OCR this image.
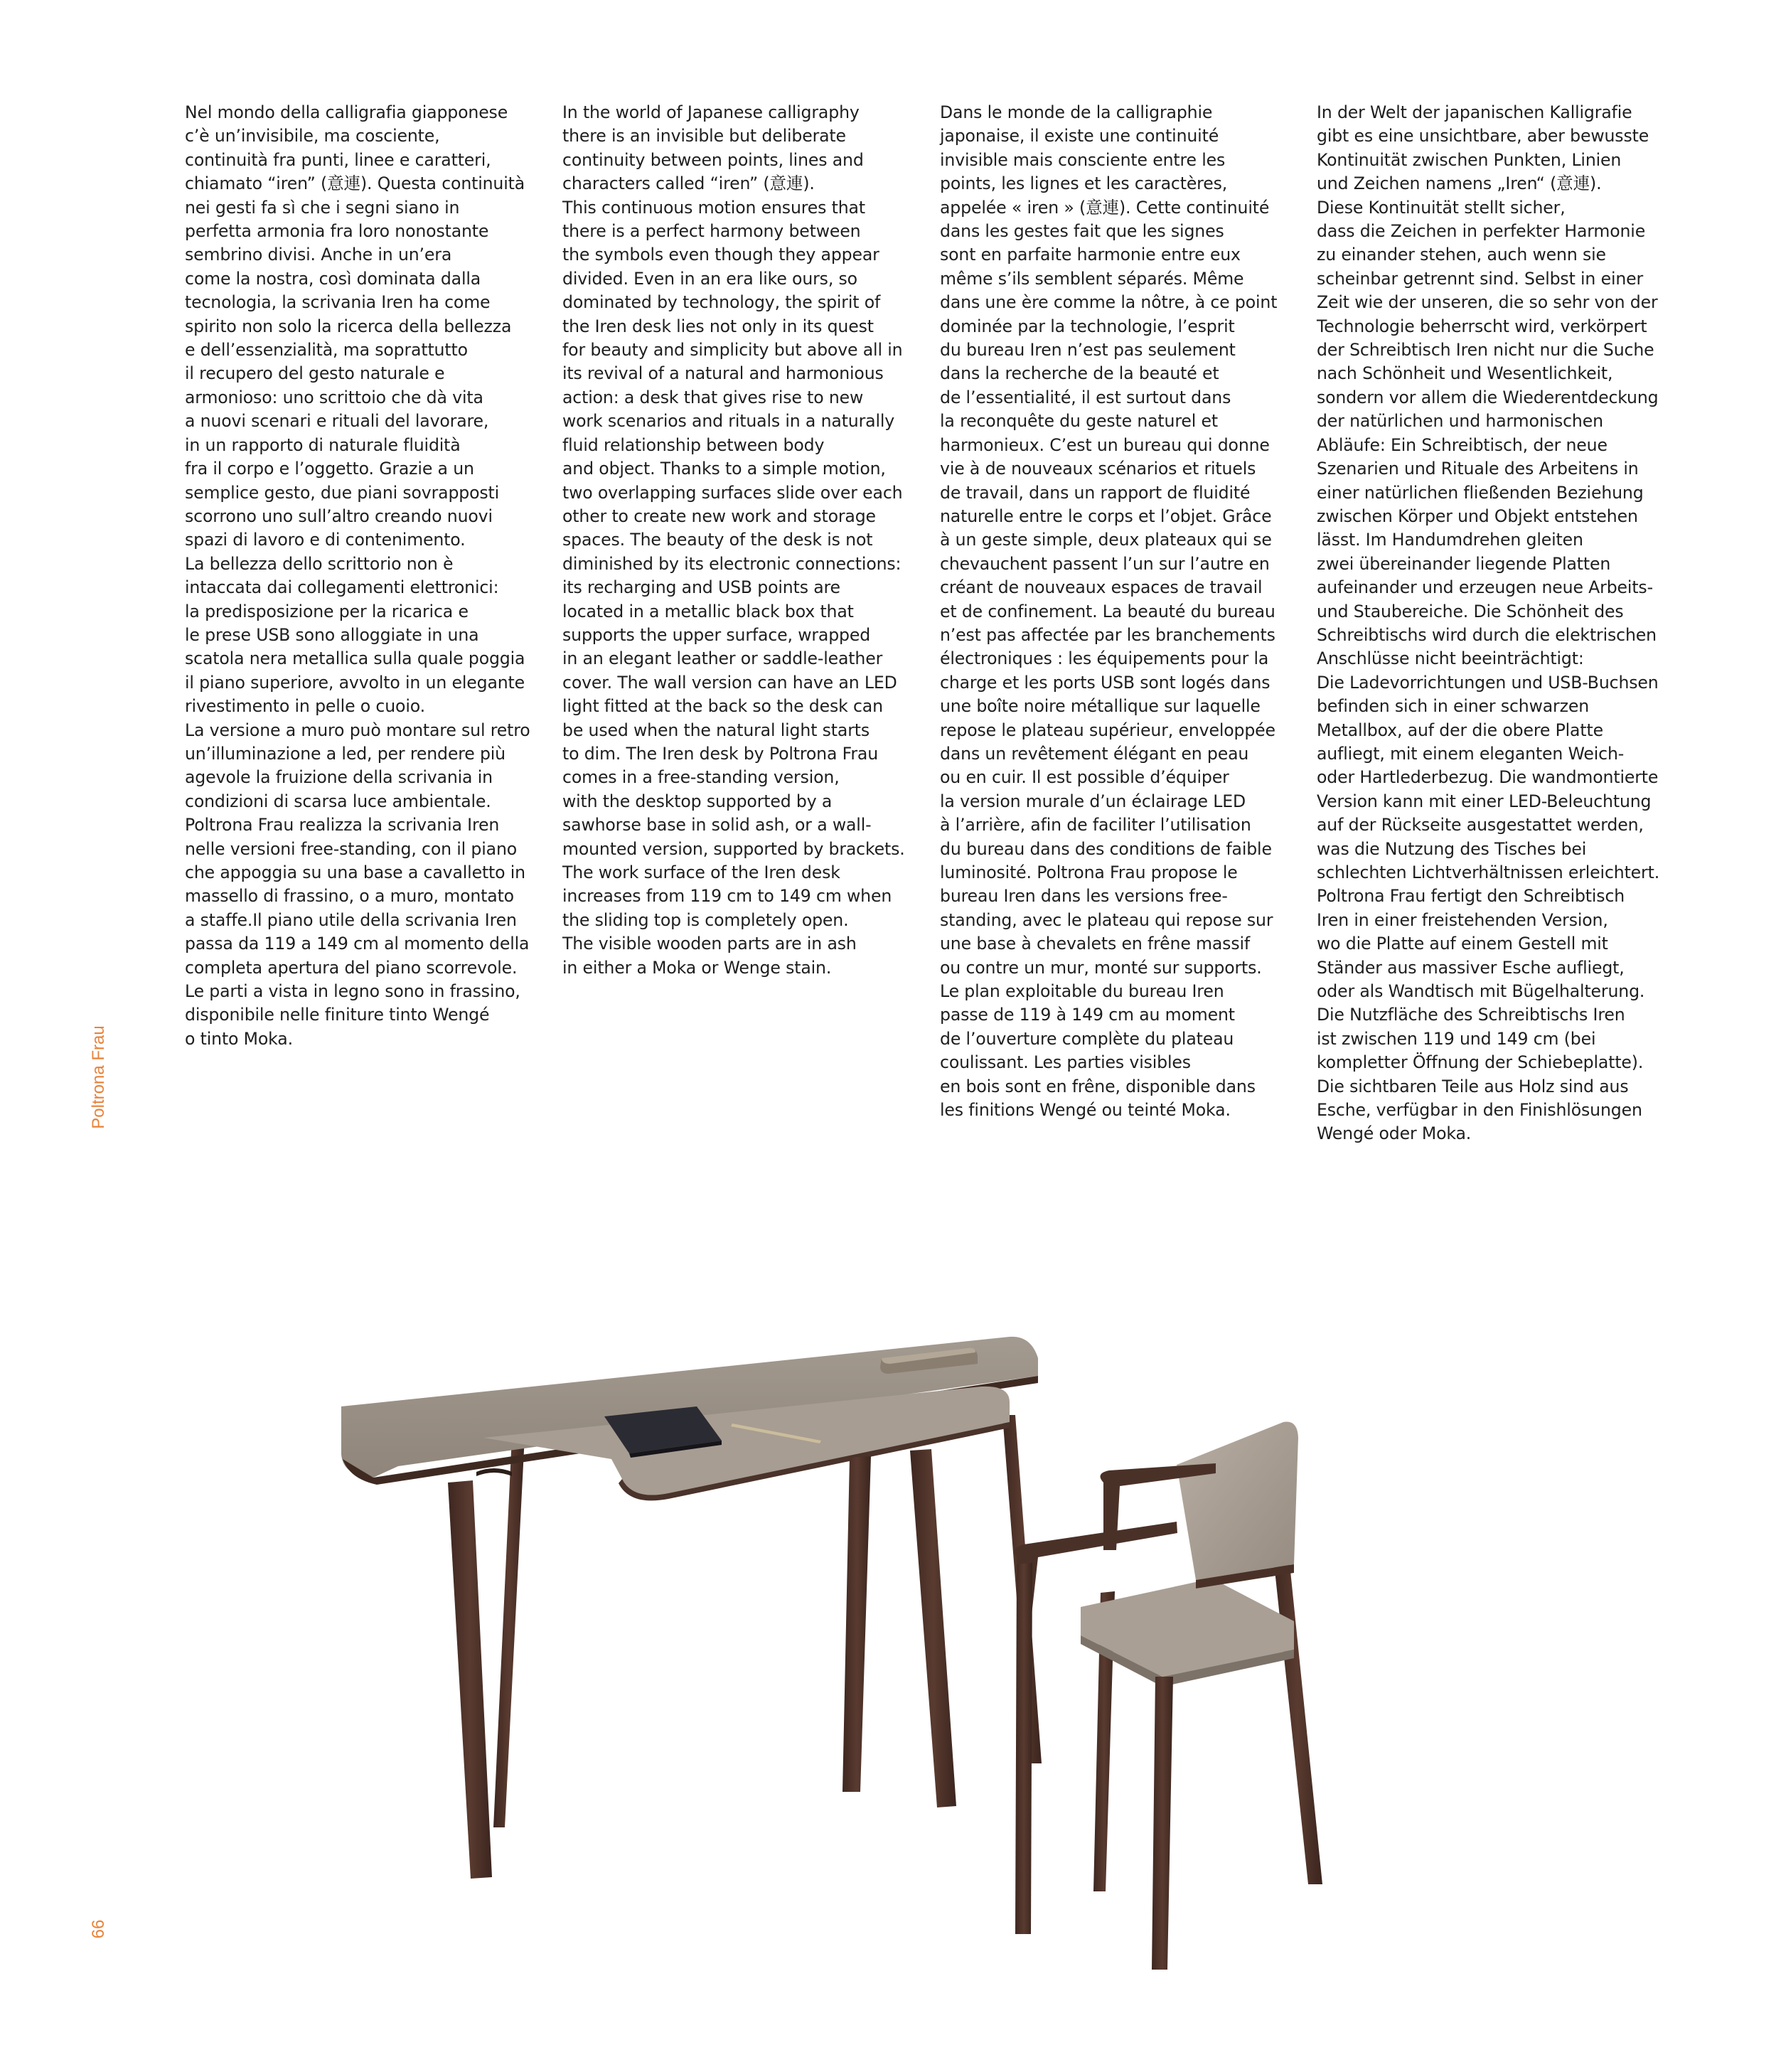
Nel mondo della calligrafia giapponese
c’è un’invisibile, ma cosciente,
continuità fra punti, linee e caratteri,
chiamato “iren” (意連). Questa continuità
nei gesti fa sì che i segni siano in
perfetta armonia fra loro nonostante
sembrino divisi. Anche in un’era
come la nostra, così dominata dalla
tecnologia, la scrivania Iren ha come
spirito non solo la ricerca della bellezza
e dell’essenzialità, ma soprattutto
il recupero del gesto naturale e
armonioso: uno scrittoio che dà vita
a nuovi scenari e rituali del lavorare,
in un rapporto di naturale fluidità
fra il corpo e l’oggetto. Grazie a un
semplice gesto, due piani sovrapposti
scorrono uno sull’altro creando nuovi
spazi di lavoro e di contenimento.
La bellezza dello scrittorio non è
intaccata dai collegamenti elettronici:
la predisposizione per la ricarica e
le prese USB sono alloggiate in una
scatola nera metallica sulla quale poggia
il piano superiore, avvolto in un elegante
rivestimento in pelle o cuoio.
La versione a muro può montare sul retro
un’illuminazione a led, per rendere più
agevole la fruizione della scrivania in
condizioni di scarsa luce ambientale.
Poltrona Frau realizza la scrivania Iren
nelle versioni free-standing, con il piano
che appoggia su una base a cavalletto in
massello di frassino, o a muro, montato
a staffe.Il piano utile della scrivania Iren
passa da 119 a 149 cm al momento della
completa apertura del piano scorrevole.
Le parti a vista in legno sono in frassino,
disponibile nelle finiture tinto Wengé
o tinto Moka.
In the world of Japanese calligraphy
there is an invisible but deliberate
continuity between points, lines and
characters called “iren” (意連).
This continuous motion ensures that
there is a perfect harmony between
the symbols even though they appear
divided. Even in an era like ours, so
dominated by technology, the spirit of
the Iren desk lies not only in its quest
for beauty and simplicity but above all in
its revival of a natural and harmonious
action: a desk that gives rise to new
work scenarios and rituals in a naturally
fluid relationship between body
and object. Thanks to a simple motion,
two overlapping surfaces slide over each
other to create new work and storage
spaces. The beauty of the desk is not
diminished by its electronic connections:
its recharging and USB points are
located in a metallic black box that
supports the upper surface, wrapped
in an elegant leather or saddle-leather
cover. The wall version can have an LED
light fitted at the back so the desk can
be used when the natural light starts
to dim. The Iren desk by Poltrona Frau
comes in a free-standing version,
with the desktop supported by a
sawhorse base in solid ash, or a wall-
mounted version, supported by brackets.
The work surface of the Iren desk
increases from 119 cm to 149 cm when
the sliding top is completely open.
The visible wooden parts are in ash
in either a Moka or Wenge stain.
Dans le monde de la calligraphie
japonaise, il existe une continuité
invisible mais consciente entre les
points, les lignes et les caractères,
appelée « iren » (意連). Cette continuité
dans les gestes fait que les signes
sont en parfaite harmonie entre eux
même s’ils semblent séparés. Même
dans une ère comme la nôtre, à ce point
dominée par la technologie, l’esprit
du bureau Iren n’est pas seulement
dans la recherche de la beauté et
de l’essentialité, il est surtout dans
la reconquête du geste naturel et
harmonieux. C’est un bureau qui donne
vie à de nouveaux scénarios et rituels
de travail, dans un rapport de fluidité
naturelle entre le corps et l’objet. Grâce
à un geste simple, deux plateaux qui se
chevauchent passent l’un sur l’autre en
créant de nouveaux espaces de travail
et de confinement. La beauté du bureau
n’est pas affectée par les branchements
électroniques : les équipements pour la
charge et les ports USB sont logés dans
une boîte noire métallique sur laquelle
repose le plateau supérieur, enveloppée
dans un revêtement élégant en peau
ou en cuir. Il est possible d’équiper
la version murale d’un éclairage LED
à l’arrière, afin de faciliter l’utilisation
du bureau dans des conditions de faible
luminosité. Poltrona Frau propose le
bureau Iren dans les versions free-
standing, avec le plateau qui repose sur
une base à chevalets en frêne massif
ou contre un mur, monté sur supports.
Le plan exploitable du bureau Iren
passe de 119 à 149 cm au moment
de l’ouverture complète du plateau
coulissant. Les parties visibles
en bois sont en frêne, disponible dans
les finitions Wengé ou teinté Moka.
In der Welt der japanischen Kalligrafie
gibt es eine unsichtbare, aber bewusste
Kontinuität zwischen Punkten, Linien
und Zeichen namens „Iren“ (意連).
Diese Kontinuität stellt sicher,
dass die Zeichen in perfekter Harmonie
zu einander stehen, auch wenn sie
scheinbar getrennt sind. Selbst in einer
Zeit wie der unseren, die so sehr von der
Technologie beherrscht wird, verkörpert
der Schreibtisch Iren nicht nur die Suche
nach Schönheit und Wesentlichkeit,
sondern vor allem die Wiederentdeckung
der natürlichen und harmonischen
Abläufe: Ein Schreibtisch, der neue
Szenarien und Rituale des Arbeitens in
einer natürlichen fließenden Beziehung
zwischen Körper und Objekt entstehen
lässt. Im Handumdrehen gleiten
zwei übereinander liegende Platten
aufeinander und erzeugen neue Arbeits-
und Staubereiche. Die Schönheit des
Schreibtischs wird durch die elektrischen
Anschlüsse nicht beeinträchtigt:
Die Ladevorrichtungen und USB-Buchsen
befinden sich in einer schwarzen
Metallbox, auf der die obere Platte
aufliegt, mit einem eleganten Weich-
oder Hartlederbezug. Die wandmontierte
Version kann mit einer LED-Beleuchtung
auf der Rückseite ausgestattet werden,
was die Nutzung des Tisches bei
schlechten Lichtverhältnissen erleichtert.
Poltrona Frau fertigt den Schreibtisch
Iren in einer freistehenden Version,
wo die Platte auf einem Gestell mit
Ständer aus massiver Esche aufliegt,
oder als Wandtisch mit Bügelhalterung.
Die Nutzfläche des Schreibtischs Iren
ist zwischen 119 und 149 cm (bei
kompletter Öffnung der Schiebeplatte).
Die sichtbaren Teile aus Holz sind aus
Esche, verfügbar in den Finishlösungen
Wengé oder Moka.
Poltrona Frau
66
